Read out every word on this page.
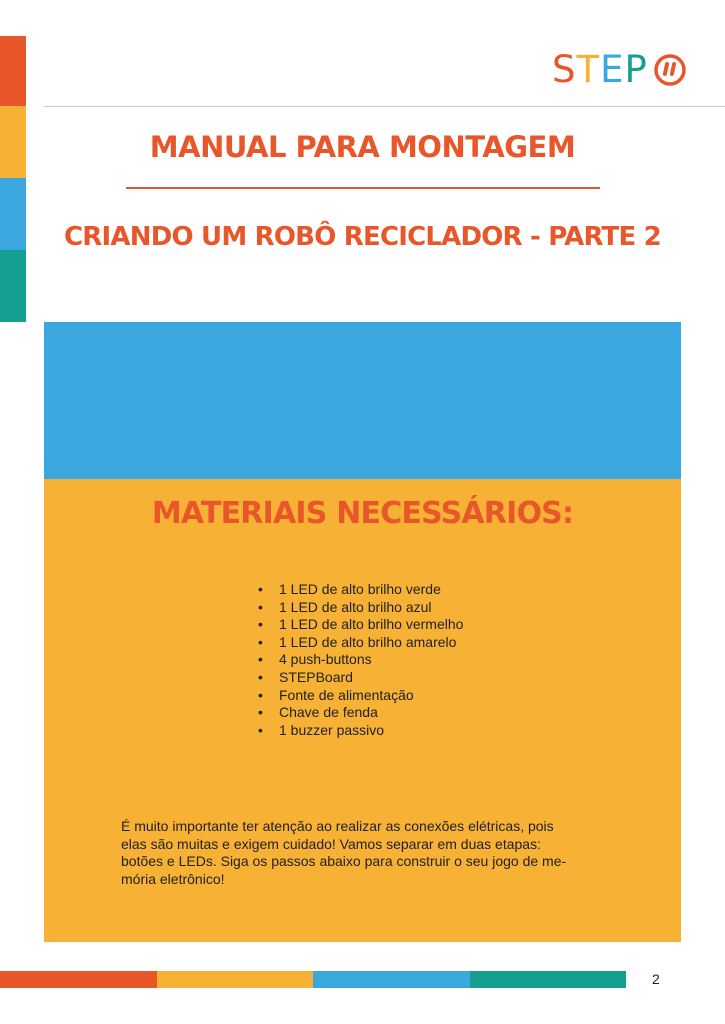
S T E P
MANUAL PARA MONTAGEM
CRIANDO UM ROBÔ RECICLADOR - PARTE 2
MATERIAIS NECESSÁRIOS:
• 1 LED de alto brilho verde
• 1 LED de alto brilho azul
• 1 LED de alto brilho vermelho
• 1 LED de alto brilho amarelo
• 4 push-buttons
• STEPBoard
• Fonte de alimentação
• Chave de fenda
• 1 buzzer passivo

É muito importante ter atenção ao realizar as conexões elétricas, pois
elas são muitas e exigem cuidado! Vamos separar em duas etapas:
botões e LEDs. Siga os passos abaixo para construir o seu jogo de me-
mória eletrônico!

2
